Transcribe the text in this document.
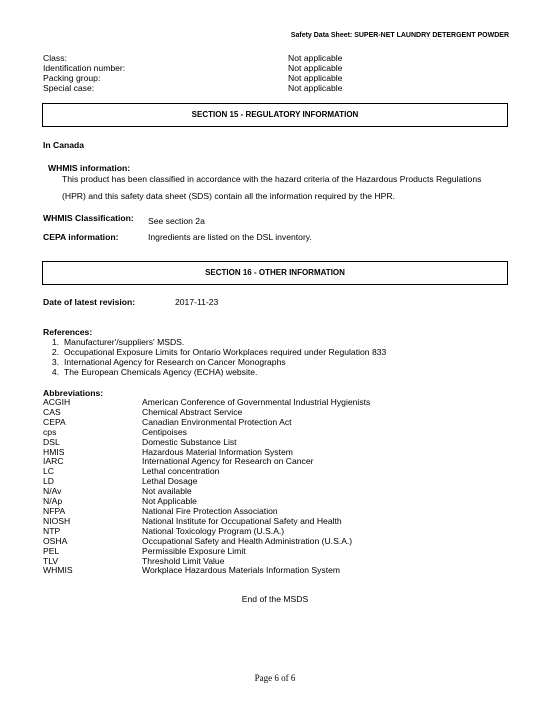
Safety Data Sheet: SUPER-NET LAUNDRY DETERGENT POWDER
Class:	Not applicable
Identification number:	Not applicable
Packing group:	Not applicable
Special case:	Not applicable
SECTION 15 - REGULATORY INFORMATION
In Canada
WHMIS information:
This product has been classified in accordance with the hazard criteria of the Hazardous Products Regulations
(HPR) and this safety data sheet (SDS) contain all the information required by the HPR.
WHMIS Classification: See section 2a
CEPA information:	Ingredients are listed on the DSL inventory.
SECTION 16 - OTHER INFORMATION
Date of latest revision:	2017-11-23
References:
1. Manufacturer'/suppliers' MSDS.
2. Occupational Exposure Limits for Ontario Workplaces required under Regulation 833
3. International Agency for Research on Cancer Monographs
4. The European Chemicals Agency (ECHA) website.
Abbreviations:
ACGIH	American Conference of Governmental Industrial Hygienists
CAS	Chemical Abstract Service
CEPA	Canadian Environmental Protection Act
cps	Centipoises
DSL	Domestic Substance List
HMIS	Hazardous Material Information System
IARC	International Agency for Research on Cancer
LC	Lethal concentration
LD	Lethal Dosage
N/Av	Not available
N/Ap	Not Applicable
NFPA	National Fire Protection Association
NIOSH	National Institute for Occupational Safety and Health
NTP	National Toxicology Program (U.S.A.)
OSHA	Occupational Safety and Health Administration (U.S.A.)
PEL	Permissible Exposure Limit
TLV	Threshold Limit Value
WHMIS	Workplace Hazardous Materials Information System
End of the MSDS
Page 6 of 6
